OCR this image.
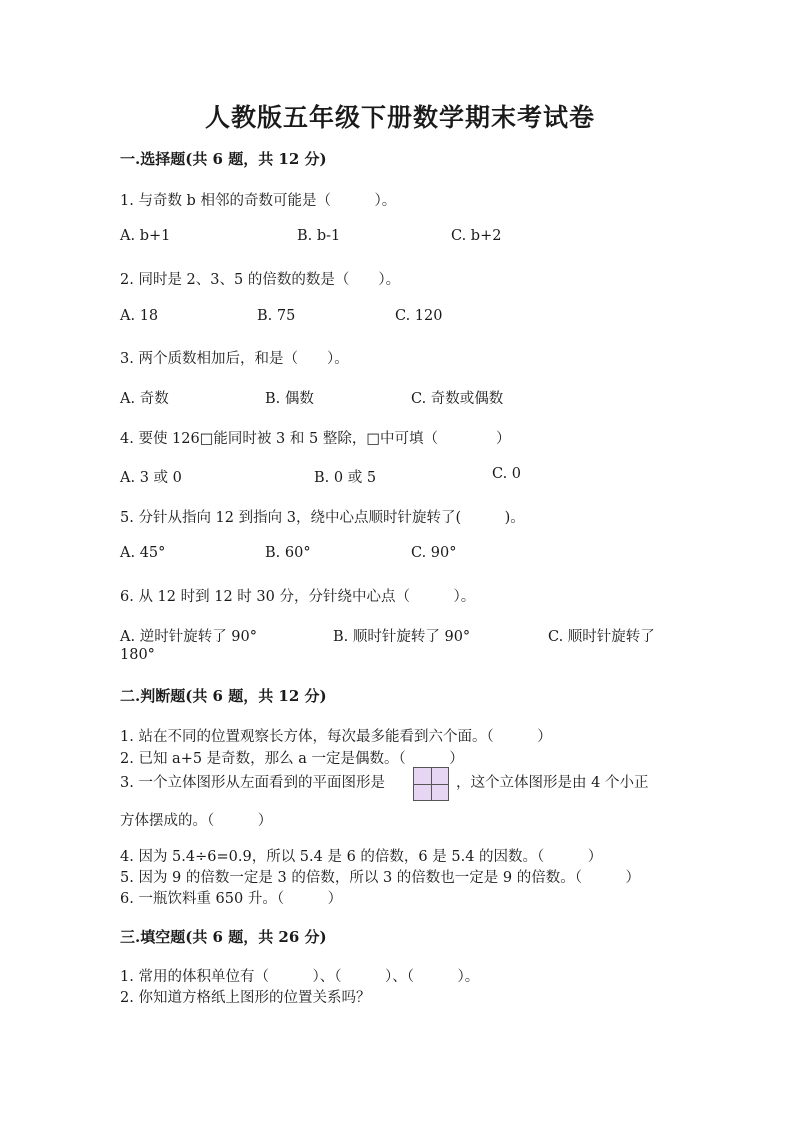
人教版五年级下册数学期末考试卷
一.选择题(共 6 题，共 12 分)
1. 与奇数 b 相邻的奇数可能是（　　　）。
A. b+1	B. b-1	C. b+2
2. 同时是 2、3、5 的倍数的数是（　　）。
A. 18	B. 75	C. 120
3. 两个质数相加后，和是（　　）。
A. 奇数	B. 偶数	C. 奇数或偶数
4. 要使 126□能同时被 3 和 5 整除，□中可填（　　　　）
A. 3 或 0	B. 0 或 5	C. 0
5. 分针从指向 12 到指向 3，绕中心点顺时针旋转了(　　　)。
A. 45°	B. 60°	C. 90°
6. 从 12 时到 12 时 30 分，分针绕中心点（　　　）。
A. 逆时针旋转了 90°	B. 顺时针旋转了 90°	C. 顺时针旋转了
180°
二.判断题(共 6 题，共 12 分)
1. 站在不同的位置观察长方体，每次最多能看到六个面。（　　　）
2. 已知 a+5 是奇数，那么 a 一定是偶数。（　　　）
3. 一个立体图形从左面看到的平面图形是	，这个立体图形是由 4 个小正
方体摆成的。（　　　）
4. 因为 5.4÷6=0.9，所以 5.4 是 6 的倍数，6 是 5.4 的因数。（　　　）
5. 因为 9 的倍数一定是 3 的倍数，所以 3 的倍数也一定是 9 的倍数。（　　　）
6. 一瓶饮料重 650 升。（　　　）
三.填空题(共 6 题，共 26 分)
1. 常用的体积单位有（　　　）、（　　　）、（　　　）。
2. 你知道方格纸上图形的位置关系吗？
